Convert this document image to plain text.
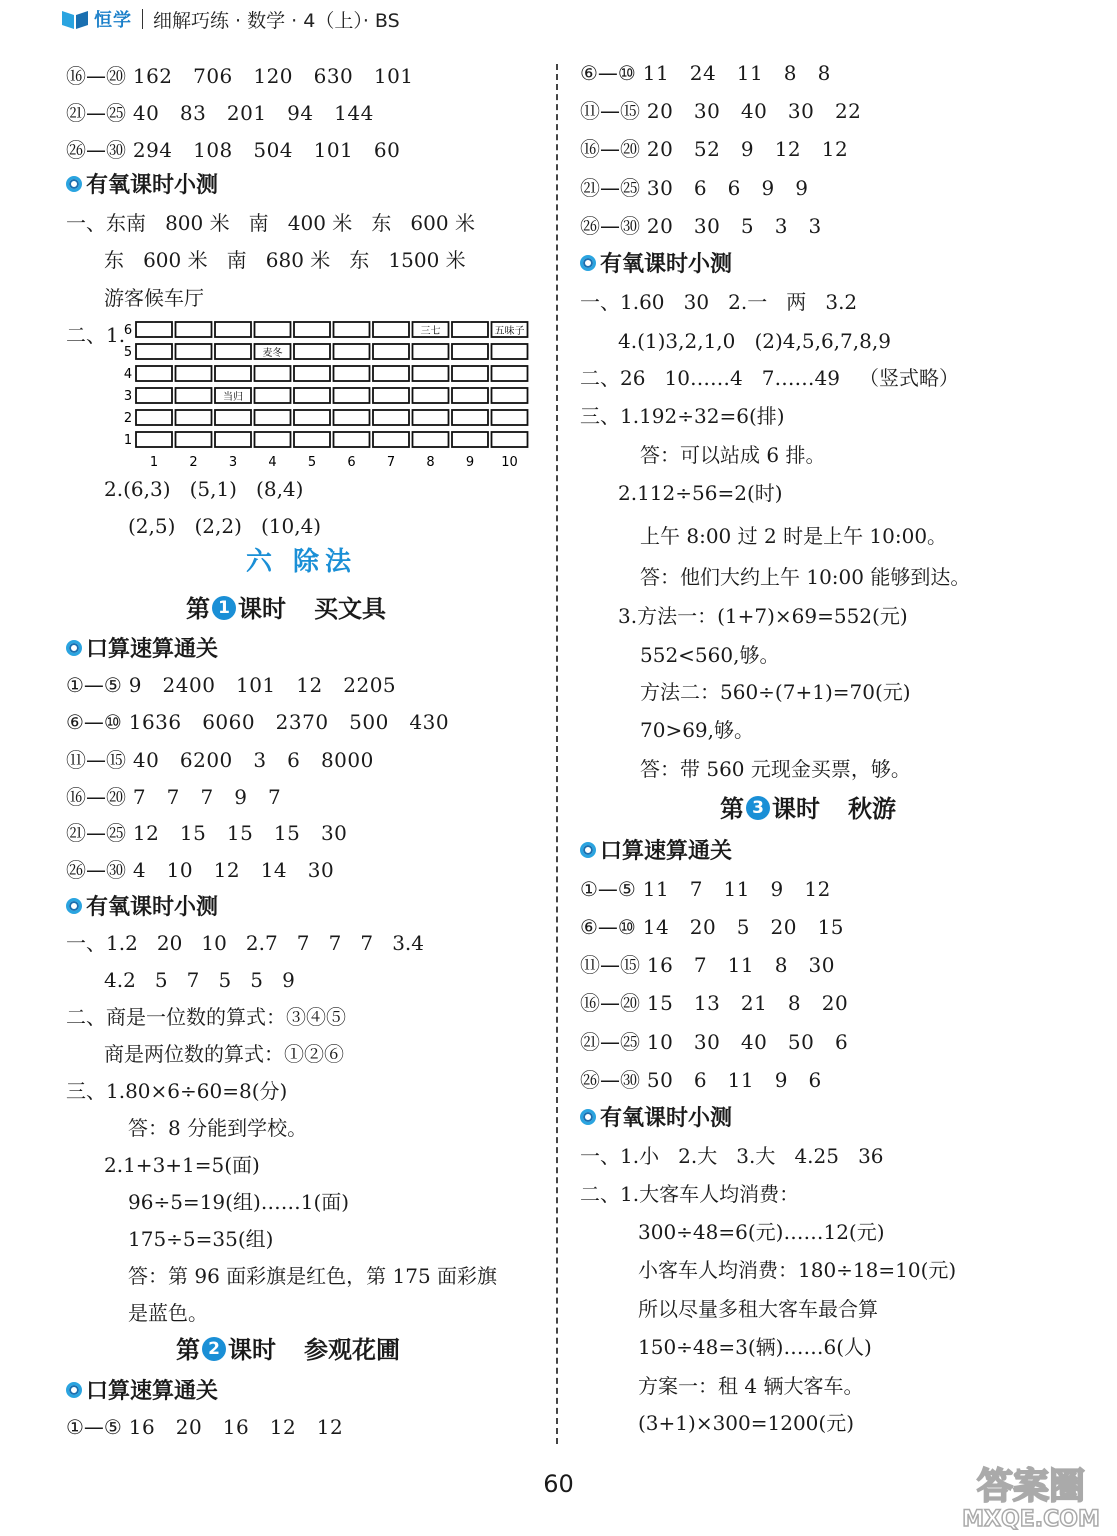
恒学 细解巧练 · 数学 · 4（上）· BS
⑯—⑳ 162   706   120   630   101
㉑—㉕ 40   83   201   94   144
㉖—㉚ 294   108   504   101   60
有氧课时小测
一、东南   800 米   南   400 米   东   600 米
东   600 米   南   680 米   东   1500 米
游客候车厅
二、1.
2.(6,3)   (5,1)   (8,4)
(2,5)   (2,2)   (10,4)
六 除法
第 1 课时 买文具
口算速算通关
①—⑤ 9   2400   101   12   2205
⑥—⑩ 1636   6060   2370   500   430
⑪—⑮ 40   6200   3   6   8000
⑯—⑳ 7   7   7   9   7
㉑—㉕ 12   15   15   15   30
㉖—㉚ 4   10   12   14   30
有氧课时小测
一、1.2   20   10   2.7   7   7   7   3.4
4.2   5   7   5   5   9
二、商是一位数的算式：③④⑤
商是两位数的算式：①②⑥
三、1.80×6÷60=8(分)
答：8 分能到学校。
2.1+3+1=5(面)
96÷5=19(组)……1(面)
175÷5=35(组)
答：第 96 面彩旗是红色，第 175 面彩旗
是蓝色。
第 2 课时 参观花圃
口算速算通关
①—⑤ 16   20   16   12   12
⑥—⑩ 11   24   11   8   8
⑪—⑮ 20   30   40   30   22
⑯—⑳ 20   52   9   12   12
㉑—㉕ 30   6   6   9   9
㉖—㉚ 20   30   5   3   3
有氧课时小测
一、1.60   30   2.一   两   3.2
4.(1)3,2,1,0   (2)4,5,6,7,8,9
二、26   10……4   7……49   （竖式略）
三、1.192÷32=6(排)
答：可以站成 6 排。
2.112÷56=2(时)
上午 8:00 过 2 时是上午 10:00。
答：他们大约上午 10:00 能够到达。
3.方法一：(1+7)×69=552(元)
552<560,够。
方法二：560÷(7+1)=70(元)
70>69,够。
答：带 560 元现金买票，够。
第 3 课时 秋游
口算速算通关
①—⑤ 11   7   11   9   12
⑥—⑩ 14   20   5   20   15
⑪—⑮ 16   7   11   8   30
⑯—⑳ 15   13   21   8   20
㉑—㉕ 10   30   40   50   6
㉖—㉚ 50   6   11   9   6
有氧课时小测
一、1.小   2.大   3.大   4.25   36
二、1.大客车人均消费：
300÷48=6(元)……12(元)
小客车人均消费：180÷18=10(元)
所以尽量多租大客车最合算
150÷48=3(辆)……6(人)
方案一：租 4 辆大客车。
(3+1)×300=1200(元)
6
5
4
3
2
1
1 2 3 4 5 6 7 8 9 10
三七	五味子
麦冬
当归
60	答案圈
MXQE.COM
